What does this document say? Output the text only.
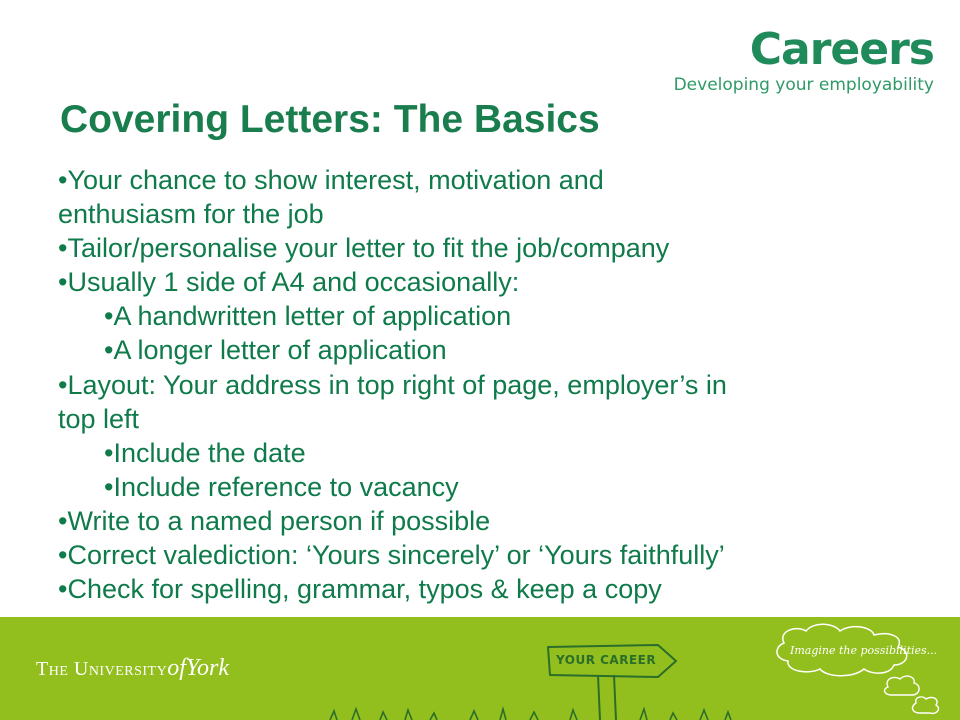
Careers
Developing your employability
Covering Letters: The Basics
•Your chance to show interest, motivation and
enthusiasm for the job
•Tailor/personalise your letter to fit the job/company
•Usually 1 side of A4 and occasionally:
•A handwritten letter of application
•A longer letter of application
•Layout: Your address in top right of page, employer’s in
top left
•Include the date
•Include reference to vacancy
•Write to a named person if possible
•Correct valediction: ‘Yours sincerely’ or ‘Yours faithfully’
•Check for spelling, grammar, typos & keep a copy
The UniversityofYork	YOUR CAREER
Imagine the possibilities...
